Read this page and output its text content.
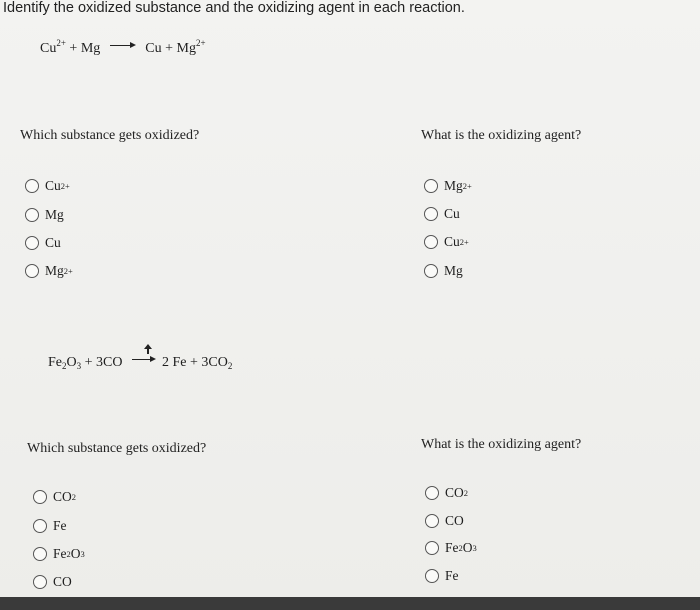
Identify the oxidized substance and the oxidizing agent in each reaction.
$Cu^{2+} + Mg$	$Cu + Mg^{2+}$
Which substance gets oxidized?	What is the oxidizing agent?
Cu 2+
Mg
Cu
Mg 2+
Mg 2+
Cu
Cu 2+
Mg
$Fe_2O_3 + 3CO$	2 $Fe + 3CO_2$
Which substance gets oxidized?	What is the oxidizing agent?
CO 2
Fe
Fe 2 O 3
CO
CO 2
CO
Fe 2 O 3
Fe
